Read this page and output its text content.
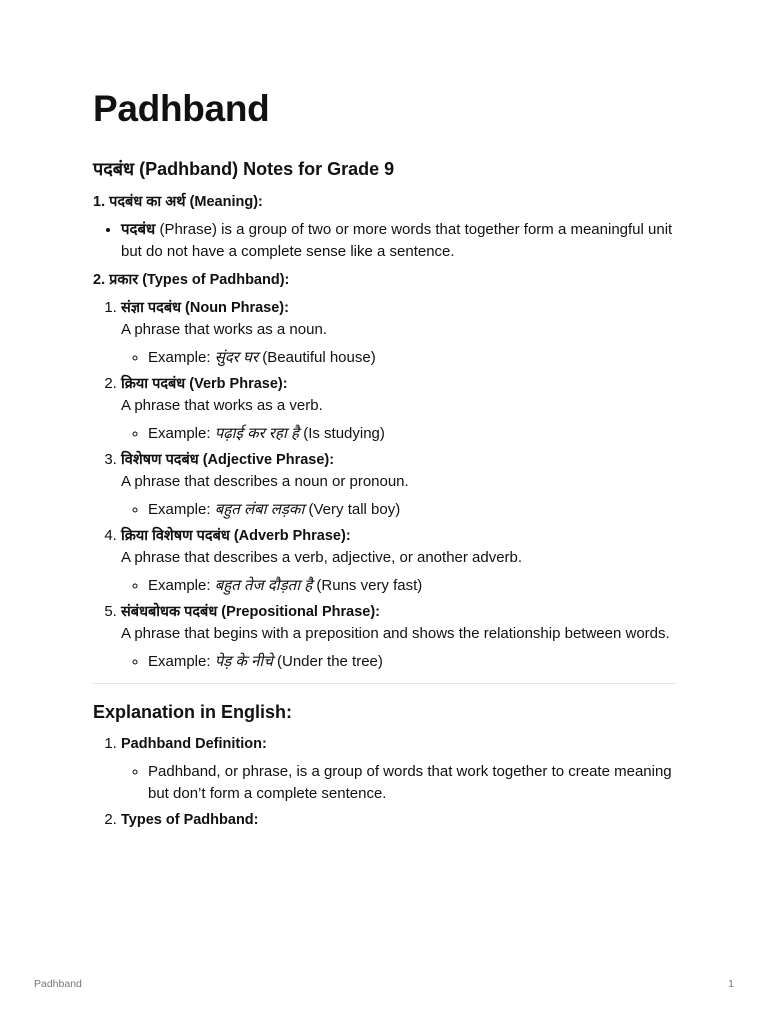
Padhband
पदबंध (Padhband) Notes for Grade 9
1. पदबंध का अर्थ (Meaning):
• पदबंध (Phrase) is a group of two or more words that together form a meaningful unit but do not have a complete sense like a sentence.
2. प्रकार (Types of Padhband):
1. संज्ञा पदबंध (Noun Phrase):
A phrase that works as a noun.
◦ Example: सुंदर घर (Beautiful house)
2. क्रिया पदबंध (Verb Phrase):
A phrase that works as a verb.
◦ Example: पढ़ाई कर रहा है (Is studying)
3. विशेषण पदबंध (Adjective Phrase):
A phrase that describes a noun or pronoun.
◦ Example: बहुत लंबा लड़का (Very tall boy)
4. क्रिया विशेषण पदबंध (Adverb Phrase):
A phrase that describes a verb, adjective, or another adverb.
◦ Example: बहुत तेज दौड़ता है (Runs very fast)
5. संबंधबोधक पदबंध (Prepositional Phrase):
A phrase that begins with a preposition and shows the relationship between words.
◦ Example: पेड़ के नीचे (Under the tree)
Explanation in English:
1. Padhband Definition:
◦ Padhband, or phrase, is a group of words that work together to create meaning but don’t form a complete sentence.
2. Types of Padhband:
Padhband	1
